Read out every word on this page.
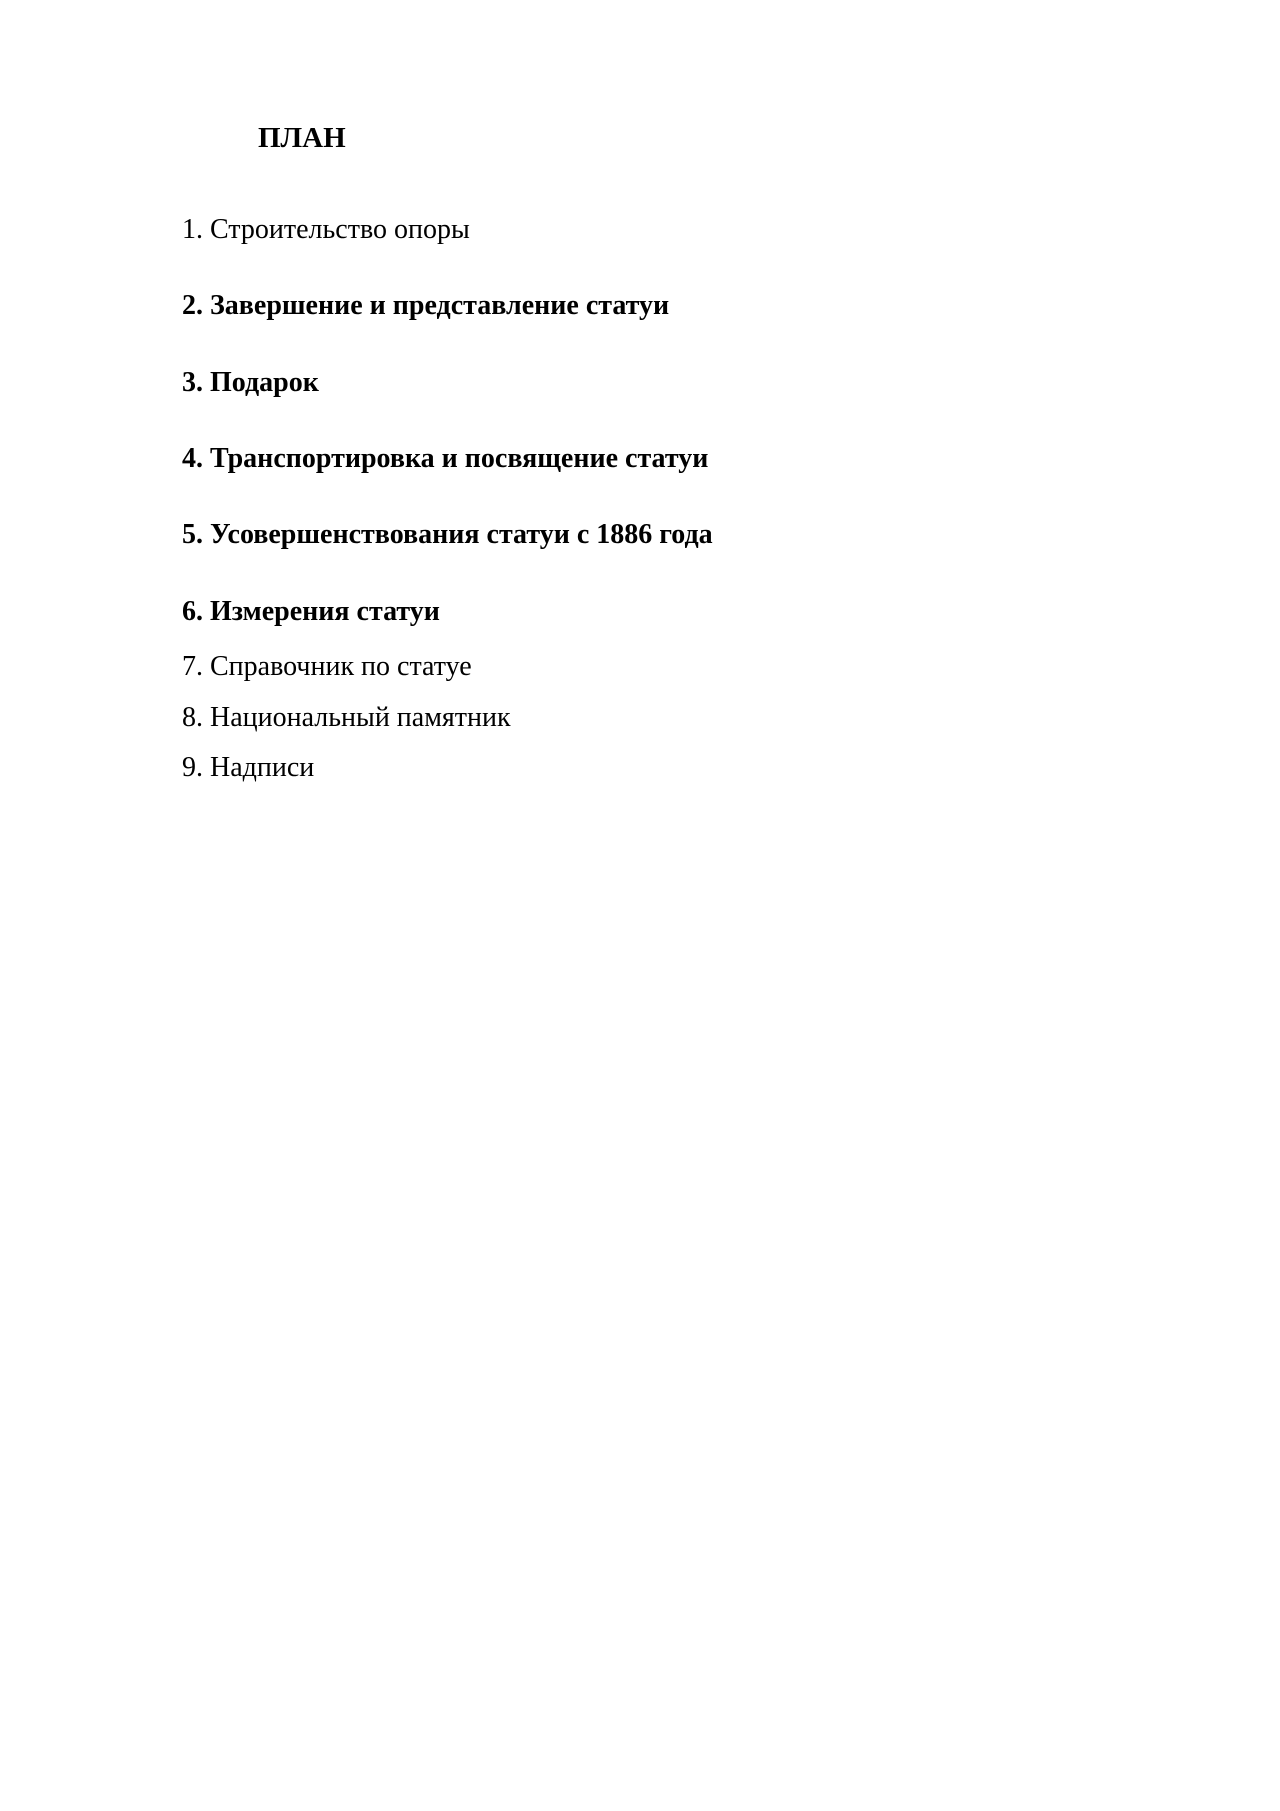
ПЛАН
1. Строительство опоры
2. Завершение и представление статуи
3. Подарок
4. Транспортировка и посвящение статуи
5. Усовершенствования статуи с 1886 года
6. Измерения статуи
7. Справочник по статуе
8. Национальный памятник
9. Надписи
